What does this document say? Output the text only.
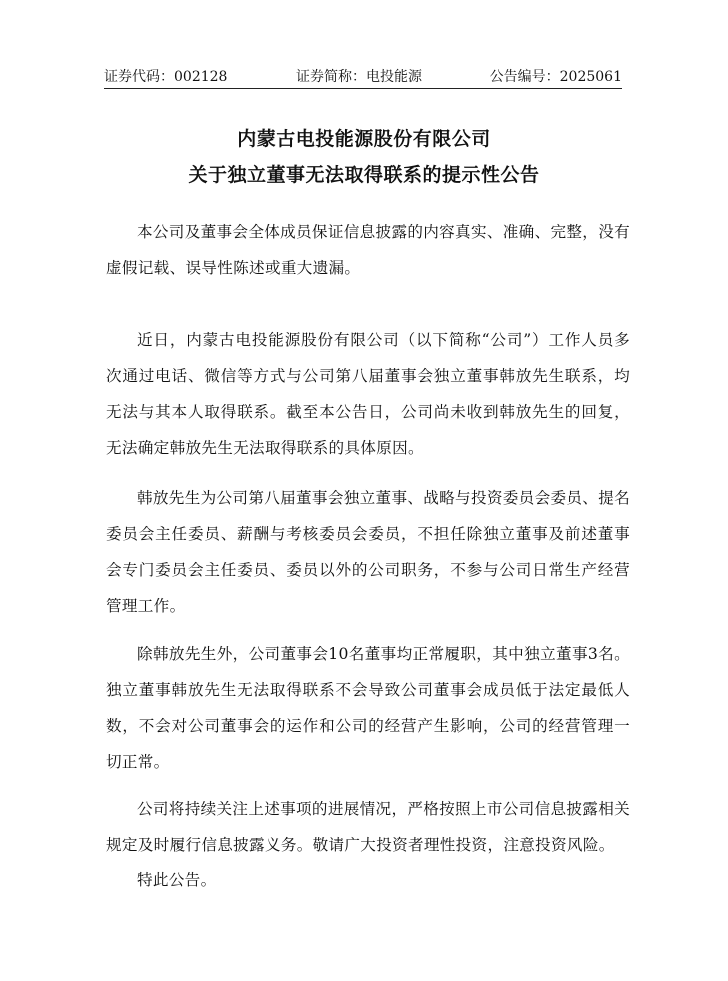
证券代码：002128	证券简称：电投能源	公告编号：2025061
内蒙古电投能源股份有限公司
关于独立董事无法取得联系的提示性公告

本公司及董事会全体成员保证信息披露的内容真实、准确、完整，没有虚假记载、误导性陈述或重大遗漏。

近日，内蒙古电投能源股份有限公司（以下简称“公司”）工作人员多次通过电话、微信等方式与公司第八届董事会独立董事韩放先生联系，均无法与其本人取得联系。截至本公告日，公司尚未收到韩放先生的回复，无法确定韩放先生无法取得联系的具体原因。

韩放先生为公司第八届董事会独立董事、战略与投资委员会委员、提名委员会主任委员、薪酬与考核委员会委员，不担任除独立董事及前述董事会专门委员会主任委员、委员以外的公司职务，不参与公司日常生产经营管理工作。

除韩放先生外，公司董事会10名董事均正常履职，其中独立董事3名。独立董事韩放先生无法取得联系不会导致公司董事会成员低于法定最低人数，不会对公司董事会的运作和公司的经营产生影响，公司的经营管理一切正常。

公司将持续关注上述事项的进展情况，严格按照上市公司信息披露相关规定及时履行信息披露义务。敬请广大投资者理性投资，注意投资风险。

特此公告。
